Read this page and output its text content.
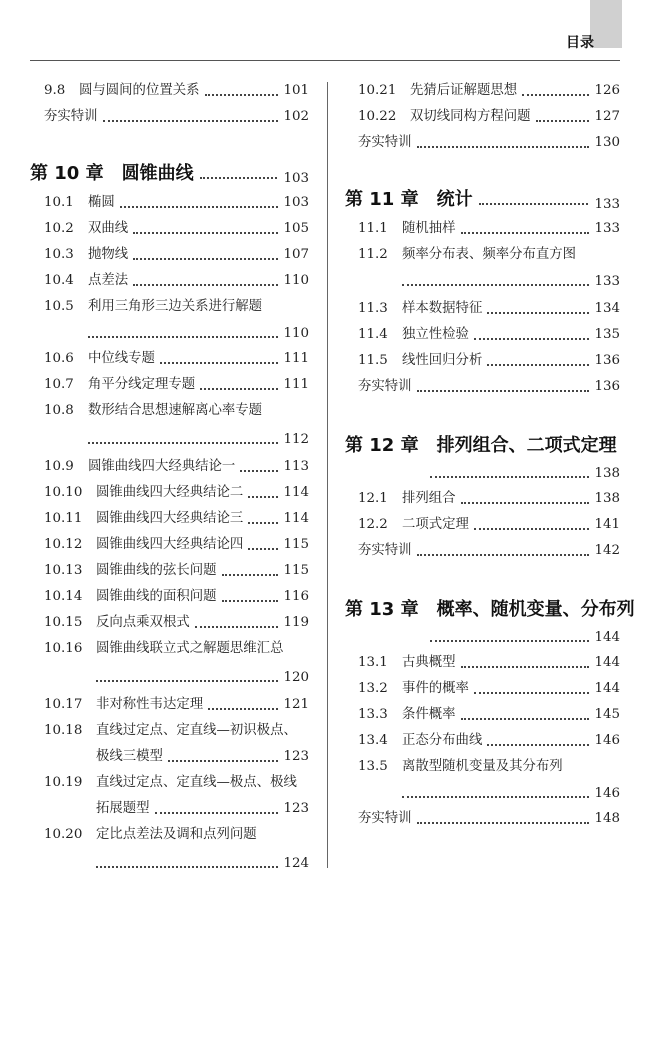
目录
9.8	圆与圆间的位置关系	101
夯实特训	102
第 10 章 圆锥曲线	103
10.1	椭圆	103
10.2	双曲线	105
10.3	抛物线	107
10.4	点差法	110
10.5	利用三角形三边关系进行解题
110
10.6	中位线专题	111
10.7	角平分线定理专题	111
10.8	数形结合思想速解离心率专题
112
10.9	圆锥曲线四大经典结论一	113
10.10	圆锥曲线四大经典结论二	114
10.11	圆锥曲线四大经典结论三	114
10.12	圆锥曲线四大经典结论四	115
10.13	圆锥曲线的弦长问题	115
10.14	圆锥曲线的面积问题	116
10.15	反向点乘双根式	119
10.16	圆锥曲线联立式之解题思维汇总
120
10.17	非对称性韦达定理	121
10.18	直线过定点、定直线—初识极点、
极线三模型	123
10.19	直线过定点、定直线—极点、极线
拓展题型	123
10.20	定比点差法及调和点列问题
124
10.21	先猜后证解题思想	126
10.22	双切线同构方程问题	127
夯实特训	130
第 11 章 统计	133
11.1	随机抽样	133
11.2	频率分布表、频率分布直方图
133
11.3	样本数据特征	134
11.4	独立性检验	135
11.5	线性回归分析	136
夯实特训	136
第 12 章 排列组合、二项式定理
138
12.1	排列组合	138
12.2	二项式定理	141
夯实特训	142
第 13 章 概率、随机变量、分布列
144
13.1	古典概型	144
13.2	事件的概率	144
13.3	条件概率	145
13.4	正态分布曲线	146
13.5	离散型随机变量及其分布列
146
夯实特训	148
